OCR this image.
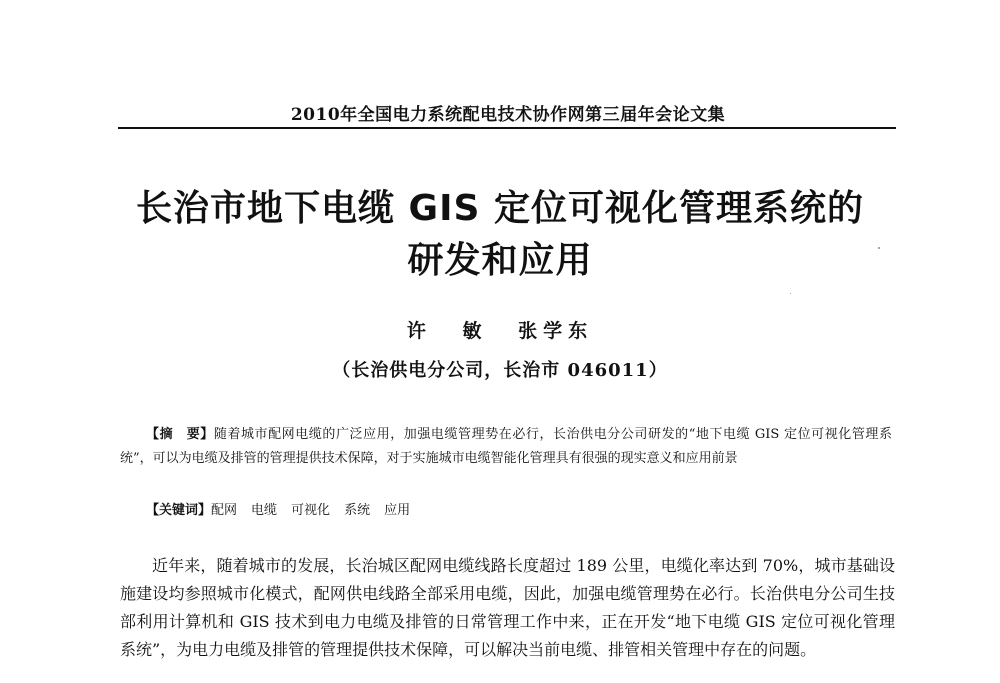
2010年全国电力系统配电技术协作网第三届年会论文集
长治市地下电缆 GIS 定位可视化管理系统的
研发和应用
许 敏 张学东
（长治供电分公司，长治市 046011）
【摘　要】随着城市配网电缆的广泛应用，加强电缆管理势在必行，长治供电分公司研发的“地下电缆 GIS 定位可视化管理系统”，可以为电缆及排管的管理提供技术保障，对于实施城市电缆智能化管理具有很强的现实意义和应用前景
【关键词】配网 电缆 可视化 系统 应用
近年来，随着城市的发展，长治城区配网电缆线路长度超过 189 公里，电缆化率达到 70%，城市基础设施建设均参照城市化模式，配网供电线路全部采用电缆，因此，加强电缆管理势在必行。长治供电分公司生技部利用计算机和 GIS 技术到电力电缆及排管的日常管理工作中来，正在开发“地下电缆 GIS 定位可视化管理系统”，为电力电缆及排管的管理提供技术保障，可以解决当前电缆、排管相关管理中存在的问题。
